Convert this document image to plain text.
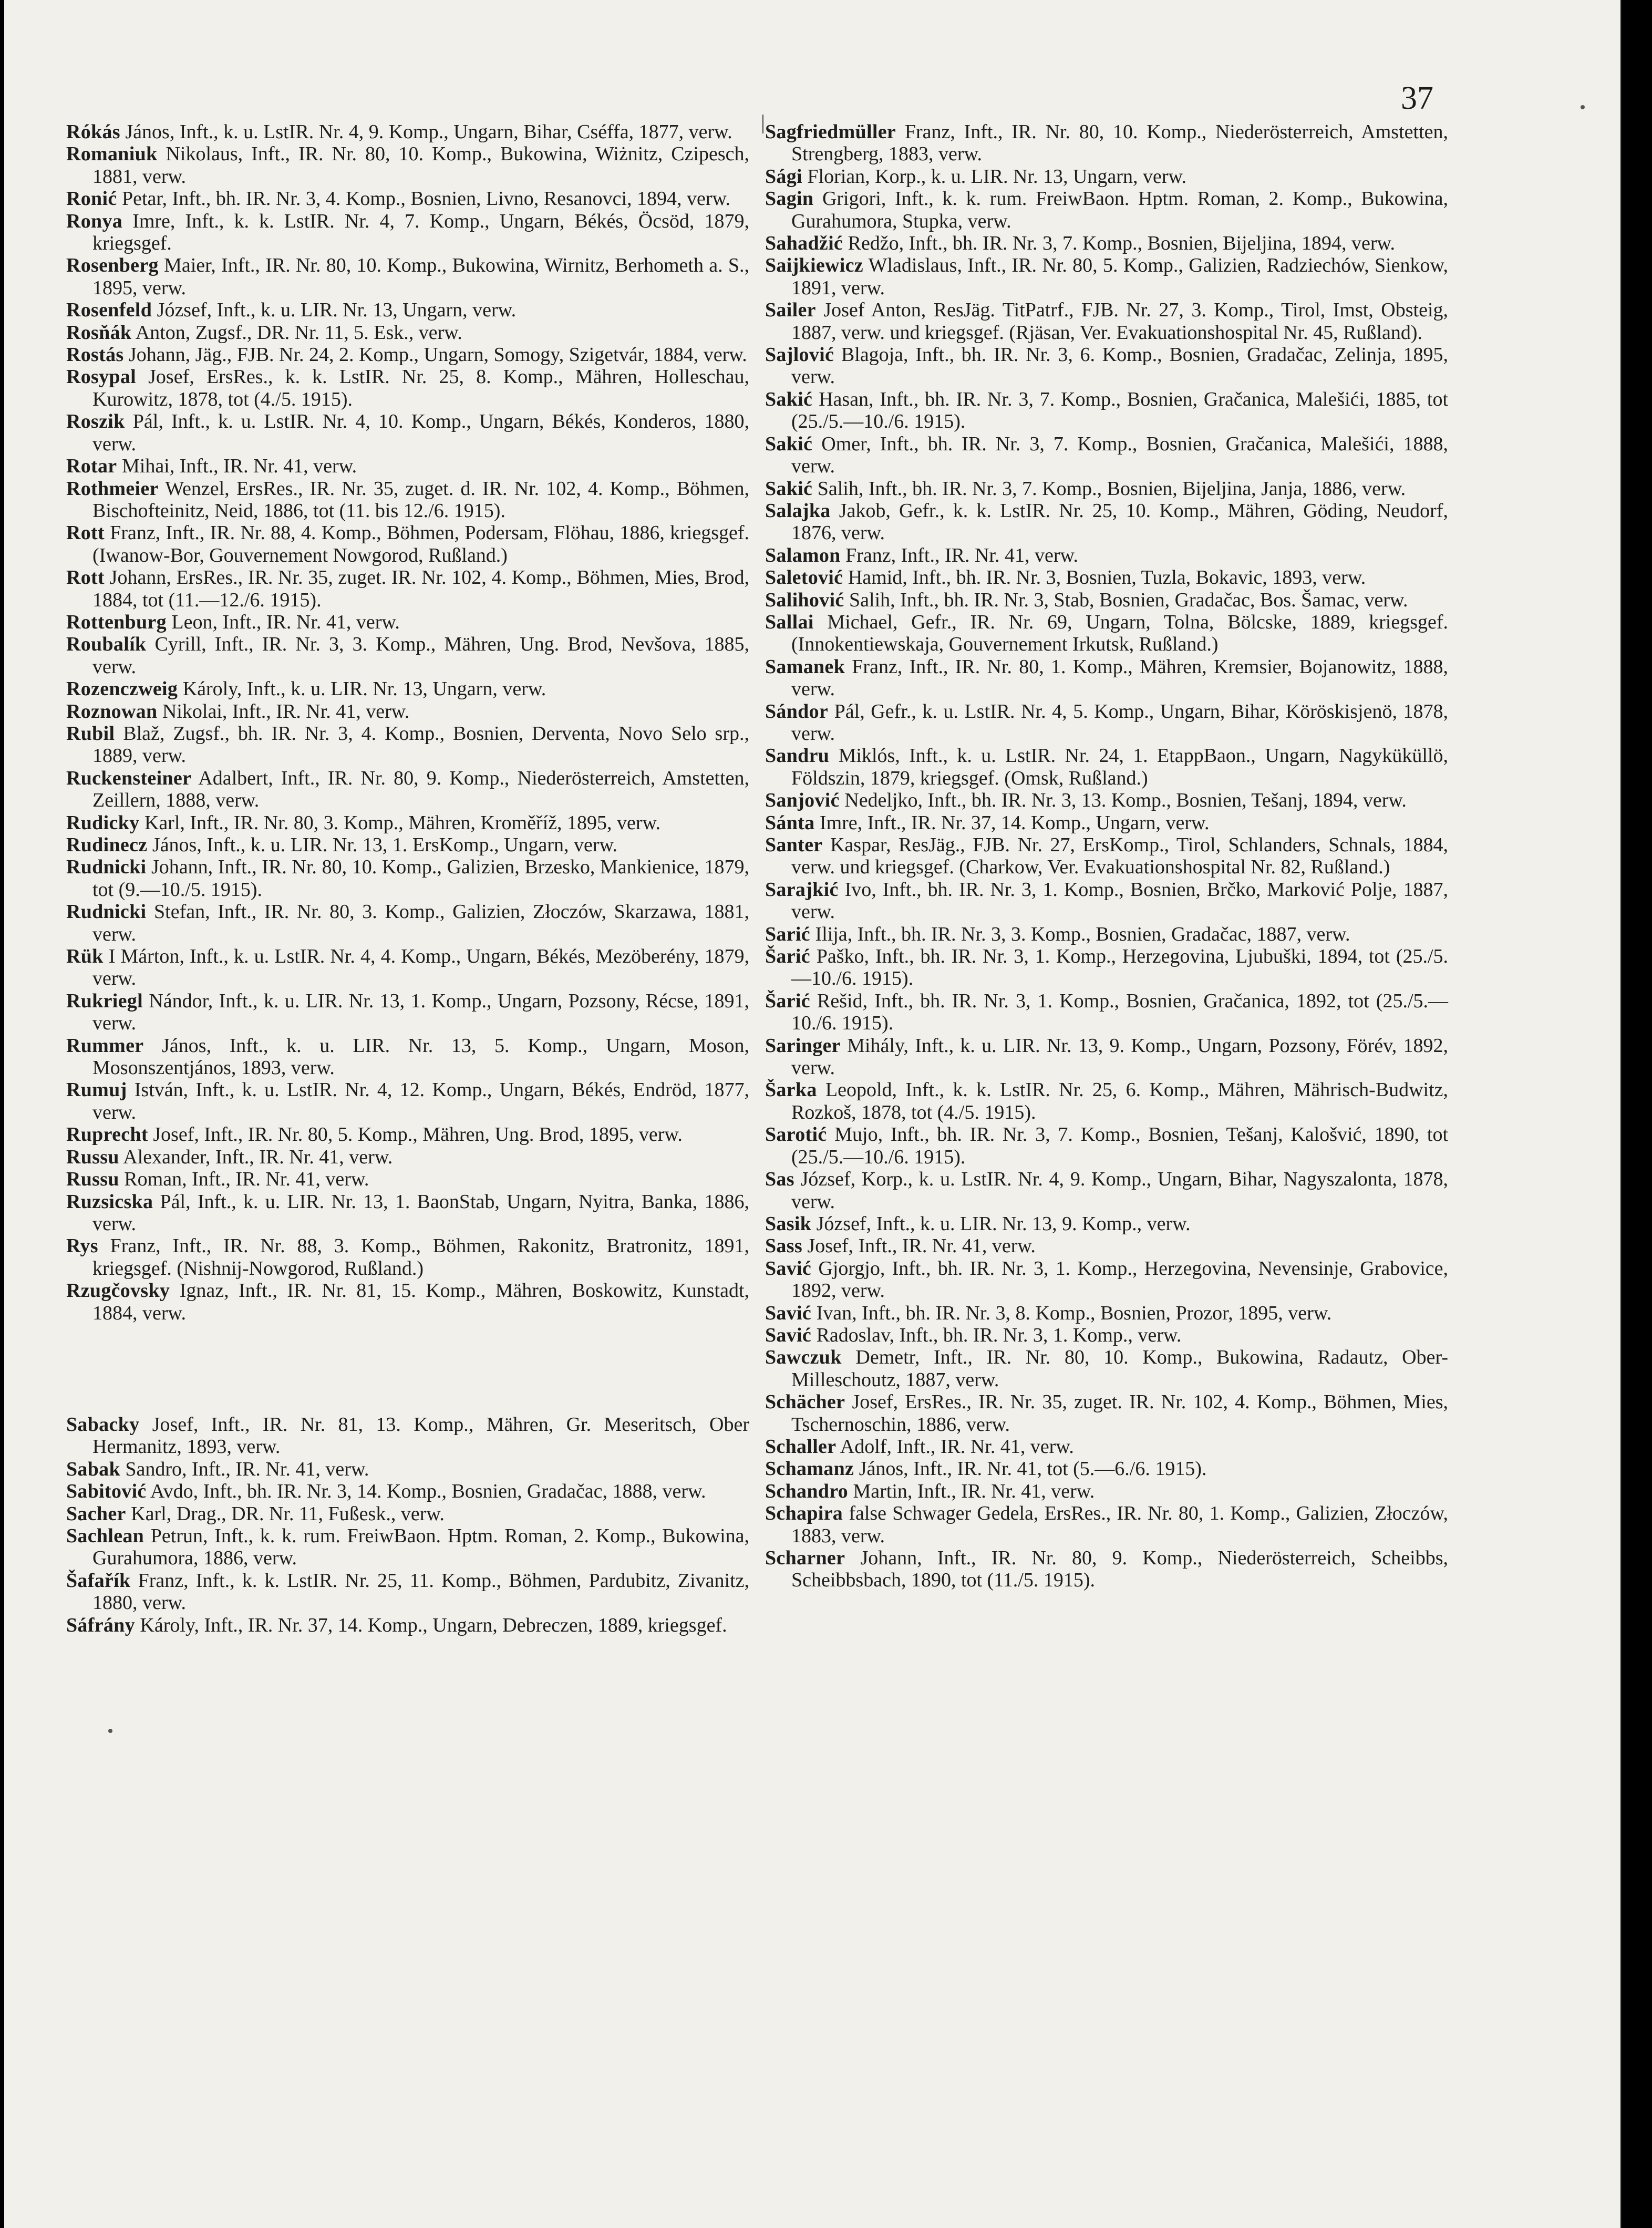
37

Rókás János, Inft., k. u. LstIR. Nr. 4, 9. Komp., Ungarn, Bihar, Cséffa, 1877, verw.

Romaniuk Nikolaus, Inft., IR. Nr. 80, 10. Komp., Bukowina, Wiżnitz, Czipesch, 1881, verw.

Ronić Petar, Inft., bh. IR. Nr. 3, 4. Komp., Bosnien, Livno, Resanovci, 1894, verw.

Ronya Imre, Inft., k. k. LstIR. Nr. 4, 7. Komp., Ungarn, Békés, Öcsöd, 1879, kriegsgef.

Rosenberg Maier, Inft., IR. Nr. 80, 10. Komp., Bukowina, Wirnitz, Berhometh a. S., 1895, verw.

Rosenfeld József, Inft., k. u. LIR. Nr. 13, Ungarn, verw.

Rosňák Anton, Zugsf., DR. Nr. 11, 5. Esk., verw.

Rostás Johann, Jäg., FJB. Nr. 24, 2. Komp., Ungarn, Somogy, Szigetvár, 1884, verw.

Rosypal Josef, ErsRes., k. k. LstIR. Nr. 25, 8. Komp., Mähren, Holleschau, Kurowitz, 1878, tot (4./5. 1915).

Roszik Pál, Inft., k. u. LstIR. Nr. 4, 10. Komp., Ungarn, Békés, Konderos, 1880, verw.

Rotar Mihai, Inft., IR. Nr. 41, verw.

Rothmeier Wenzel, ErsRes., IR. Nr. 35, zuget. d. IR. Nr. 102, 4. Komp., Böhmen, Bischofteinitz, Neid, 1886, tot (11. bis 12./6. 1915).

Rott Franz, Inft., IR. Nr. 88, 4. Komp., Böhmen, Podersam, Flöhau, 1886, kriegsgef. (Iwanow-Bor, Gouvernement Nowgorod, Rußland.)

Rott Johann, ErsRes., IR. Nr. 35, zuget. IR. Nr. 102, 4. Komp., Böhmen, Mies, Brod, 1884, tot (11.—12./6. 1915).

Rottenburg Leon, Inft., IR. Nr. 41, verw.

Roubalík Cyrill, Inft., IR. Nr. 3, 3. Komp., Mähren, Ung. Brod, Nevšova, 1885, verw.

Rozenczweig Károly, Inft., k. u. LIR. Nr. 13, Ungarn, verw.

Roznowan Nikolai, Inft., IR. Nr. 41, verw.

Rubil Blaž, Zugsf., bh. IR. Nr. 3, 4. Komp., Bosnien, Derventa, Novo Selo srp., 1889, verw.

Ruckensteiner Adalbert, Inft., IR. Nr. 80, 9. Komp., Niederösterreich, Amstetten, Zeillern, 1888, verw.

Rudicky Karl, Inft., IR. Nr. 80, 3. Komp., Mähren, Kroměříž, 1895, verw.

Rudinecz János, Inft., k. u. LIR. Nr. 13, 1. ErsKomp., Ungarn, verw.

Rudnicki Johann, Inft., IR. Nr. 80, 10. Komp., Galizien, Brzesko, Mankienice, 1879, tot (9.—10./5. 1915).

Rudnicki Stefan, Inft., IR. Nr. 80, 3. Komp., Galizien, Złoczów, Skarzawa, 1881, verw.

Rük I Márton, Inft., k. u. LstIR. Nr. 4, 4. Komp., Ungarn, Békés, Mezöberény, 1879, verw.

Rukriegl Nándor, Inft., k. u. LIR. Nr. 13, 1. Komp., Ungarn, Pozsony, Récse, 1891, verw.

Rummer János, Inft., k. u. LIR. Nr. 13, 5. Komp., Ungarn, Moson, Mosonszentjános, 1893, verw.

Rumuj István, Inft., k. u. LstIR. Nr. 4, 12. Komp., Ungarn, Békés, Endröd, 1877, verw.

Ruprecht Josef, Inft., IR. Nr. 80, 5. Komp., Mähren, Ung. Brod, 1895, verw.

Russu Alexander, Inft., IR. Nr. 41, verw.

Russu Roman, Inft., IR. Nr. 41, verw.

Ruzsicska Pál, Inft., k. u. LIR. Nr. 13, 1. BaonStab, Ungarn, Nyitra, Banka, 1886, verw.

Rys Franz, Inft., IR. Nr. 88, 3. Komp., Böhmen, Rakonitz, Bratronitz, 1891, kriegsgef. (Nishnij-Nowgorod, Rußland.)

Rzugčovsky Ignaz, Inft., IR. Nr. 81, 15. Komp., Mähren, Boskowitz, Kunstadt, 1884, verw.

Sabacky Josef, Inft., IR. Nr. 81, 13. Komp., Mähren, Gr. Meseritsch, Ober Hermanitz, 1893, verw.

Sabak Sandro, Inft., IR. Nr. 41, verw.

Sabitović Avdo, Inft., bh. IR. Nr. 3, 14. Komp., Bosnien, Gradačac, 1888, verw.

Sacher Karl, Drag., DR. Nr. 11, Fußesk., verw.

Sachlean Petrun, Inft., k. k. rum. FreiwBaon. Hptm. Roman, 2. Komp., Bukowina, Gurahumora, 1886, verw.

Šafařík Franz, Inft., k. k. LstIR. Nr. 25, 11. Komp., Böhmen, Pardubitz, Zivanitz, 1880, verw.

Sáfrány Károly, Inft., IR. Nr. 37, 14. Komp., Ungarn, Debreczen, 1889, kriegsgef.

Sagfriedmüller Franz, Inft., IR. Nr. 80, 10. Komp., Niederösterreich, Amstetten, Strengberg, 1883, verw.

Sági Florian, Korp., k. u. LIR. Nr. 13, Ungarn, verw.

Sagin Grigori, Inft., k. k. rum. FreiwBaon. Hptm. Roman, 2. Komp., Bukowina, Gurahumora, Stupka, verw.

Sahadžić Redžo, Inft., bh. IR. Nr. 3, 7. Komp., Bosnien, Bijeljina, 1894, verw.

Saijkiewicz Wladislaus, Inft., IR. Nr. 80, 5. Komp., Galizien, Radziechów, Sienkow, 1891, verw.

Sailer Josef Anton, ResJäg. TitPatrf., FJB. Nr. 27, 3. Komp., Tirol, Imst, Obsteig, 1887, verw. und kriegsgef. (Rjäsan, Ver. Evakuationshospital Nr. 45, Rußland).

Sajlović Blagoja, Inft., bh. IR. Nr. 3, 6. Komp., Bosnien, Gradačac, Zelinja, 1895, verw.

Sakić Hasan, Inft., bh. IR. Nr. 3, 7. Komp., Bosnien, Gračanica, Malešići, 1885, tot (25./5.—10./6. 1915).

Sakić Omer, Inft., bh. IR. Nr. 3, 7. Komp., Bosnien, Gračanica, Malešići, 1888, verw.

Sakić Salih, Inft., bh. IR. Nr. 3, 7. Komp., Bosnien, Bijeljina, Janja, 1886, verw.

Salajka Jakob, Gefr., k. k. LstIR. Nr. 25, 10. Komp., Mähren, Göding, Neudorf, 1876, verw.

Salamon Franz, Inft., IR. Nr. 41, verw.

Saletović Hamid, Inft., bh. IR. Nr. 3, Bosnien, Tuzla, Bokavic, 1893, verw.

Salihović Salih, Inft., bh. IR. Nr. 3, Stab, Bosnien, Gradačac, Bos. Šamac, verw.

Sallai Michael, Gefr., IR. Nr. 69, Ungarn, Tolna, Bölcske, 1889, kriegsgef. (Innokentiewskaja, Gouvernement Irkutsk, Rußland.)

Samanek Franz, Inft., IR. Nr. 80, 1. Komp., Mähren, Kremsier, Bojanowitz, 1888, verw.

Sándor Pál, Gefr., k. u. LstIR. Nr. 4, 5. Komp., Ungarn, Bihar, Köröskisjenö, 1878, verw.

Sandru Miklós, Inft., k. u. LstIR. Nr. 24, 1. EtappBaon., Ungarn, Nagyküküllö, Földszin, 1879, kriegsgef. (Omsk, Rußland.)

Sanjović Nedeljko, Inft., bh. IR. Nr. 3, 13. Komp., Bosnien, Tešanj, 1894, verw.

Sánta Imre, Inft., IR. Nr. 37, 14. Komp., Ungarn, verw.

Santer Kaspar, ResJäg., FJB. Nr. 27, ErsKomp., Tirol, Schlanders, Schnals, 1884, verw. und kriegsgef. (Charkow, Ver. Evakuationshospital Nr. 82, Rußland.)

Sarajkić Ivo, Inft., bh. IR. Nr. 3, 1. Komp., Bosnien, Brčko, Marković Polje, 1887, verw.

Sarić Ilija, Inft., bh. IR. Nr. 3, 3. Komp., Bosnien, Gradačac, 1887, verw.

Šarić Paško, Inft., bh. IR. Nr. 3, 1. Komp., Herzegovina, Ljubuški, 1894, tot (25./5.—10./6. 1915).

Šarić Rešid, Inft., bh. IR. Nr. 3, 1. Komp., Bosnien, Gračanica, 1892, tot (25./5.—10./6. 1915).

Saringer Mihály, Inft., k. u. LIR. Nr. 13, 9. Komp., Ungarn, Pozsony, Förév, 1892, verw.

Šarka Leopold, Inft., k. k. LstIR. Nr. 25, 6. Komp., Mähren, Mährisch-Budwitz, Rozkoš, 1878, tot (4./5. 1915).

Sarotić Mujo, Inft., bh. IR. Nr. 3, 7. Komp., Bosnien, Tešanj, Kalošvić, 1890, tot (25./5.—10./6. 1915).

Sas József, Korp., k. u. LstIR. Nr. 4, 9. Komp., Ungarn, Bihar, Nagyszalonta, 1878, verw.

Sasik József, Inft., k. u. LIR. Nr. 13, 9. Komp., verw.

Sass Josef, Inft., IR. Nr. 41, verw.

Savić Gjorgjo, Inft., bh. IR. Nr. 3, 1. Komp., Herzegovina, Nevensinje, Grabovice, 1892, verw.

Savić Ivan, Inft., bh. IR. Nr. 3, 8. Komp., Bosnien, Prozor, 1895, verw.

Savić Radoslav, Inft., bh. IR. Nr. 3, 1. Komp., verw.

Sawczuk Demetr, Inft., IR. Nr. 80, 10. Komp., Bukowina, Radautz, Ober-Milleschoutz, 1887, verw.

Schächer Josef, ErsRes., IR. Nr. 35, zuget. IR. Nr. 102, 4. Komp., Böhmen, Mies, Tschernoschin, 1886, verw.

Schaller Adolf, Inft., IR. Nr. 41, verw.

Schamanz János, Inft., IR. Nr. 41, tot (5.—6./6. 1915).

Schandro Martin, Inft., IR. Nr. 41, verw.

Schapira false Schwager Gedela, ErsRes., IR. Nr. 80, 1. Komp., Galizien, Złoczów, 1883, verw.

Scharner Johann, Inft., IR. Nr. 80, 9. Komp., Niederösterreich, Scheibbs, Scheibbsbach, 1890, tot (11./5. 1915).
